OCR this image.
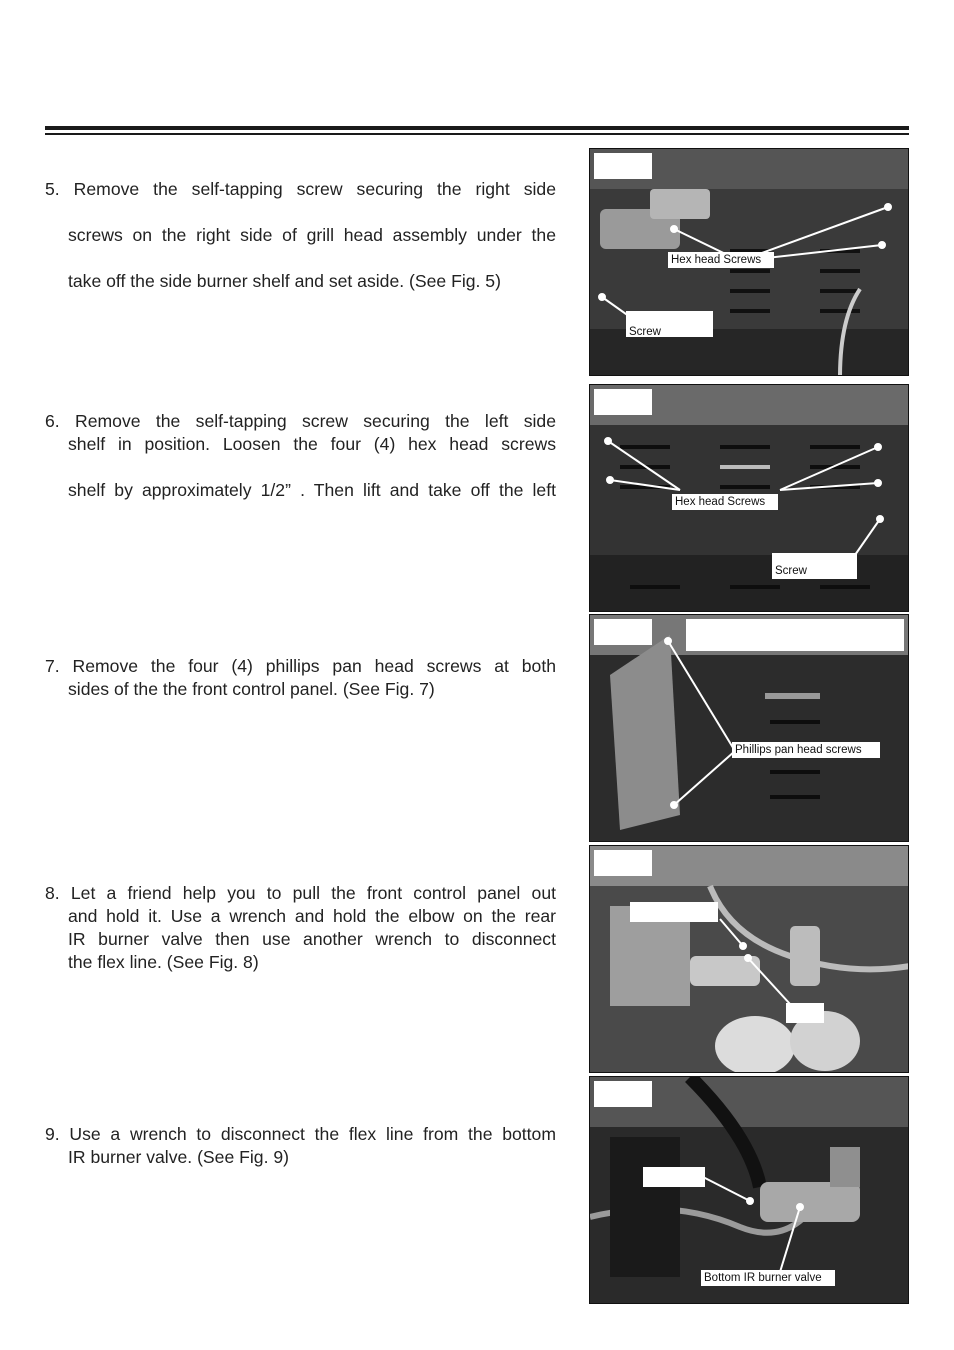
5. Remove the self-tapping screw securing the right side
screws on the right side of grill head assembly under the
take off the side burner shelf and set aside. (See Fig. 5)
6. Remove the self-tapping screw securing the left side
shelf in position. Loosen the four (4) hex head screws
shelf by approximately 1/2” . Then lift and take off the left
7. Remove the four (4) phillips pan head screws at both
sides of the the front control panel. (See Fig. 7)
8. Let a friend help you to pull the front control panel out
and hold it. Use a wrench and hold the elbow on the rear
IR burner valve then use another wrench to disconnect
the flex line. (See Fig. 8)
9. Use a wrench to disconnect the flex line from the bottom
IR burner valve. (See Fig. 9)
Hex head Screws
Screw
Hex head Screws
Screw
Phillips pan head screws
Bottom IR burner valve
